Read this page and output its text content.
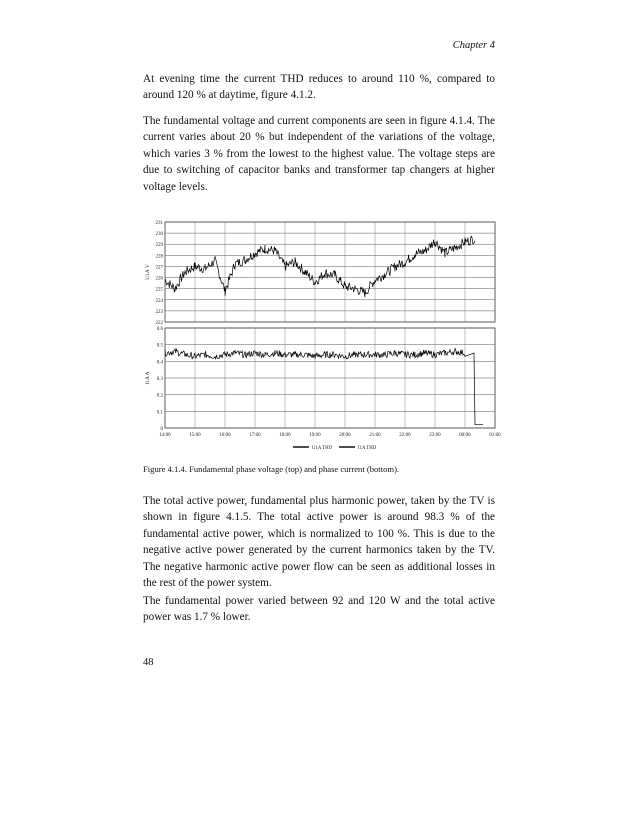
Chapter 4

At evening time the current THD reduces to around 110 %, compared to around 120 % at daytime, figure 4.1.2.

The fundamental voltage and current components are seen in figure 4.1.4. The current varies about 20 % but independent of the variations of the voltage, which varies 3 % from the lowest to the highest value. The voltage steps are due to switching of capacitor banks and transformer tap changers at higher voltage levels.

231
230
229
228
227
226
225
224
223
222
U1A V
0.6
0.5
0.4
0.3
0.2
0.1
0
I1A A
14:00	15:00	16:00	17:00	18:00	19:00	20:00	21:00	22:00	23:00	00:00	01:00
U1A THD	I1A THD
Figure 4.1.4. Fundamental phase voltage (top) and phase current (bottom).

The total active power, fundamental plus harmonic power, taken by the TV is shown in figure 4.1.5. The total active power is around 98.3 % of the fundamental active power, which is normalized to 100 %. This is due to the negative active power generated by the current harmonics taken by the TV. The negative harmonic active power flow can be seen as additional losses in the rest of the power system.

The fundamental power varied between 92 and 120 W and the total active power was 1.7 % lower.

48
